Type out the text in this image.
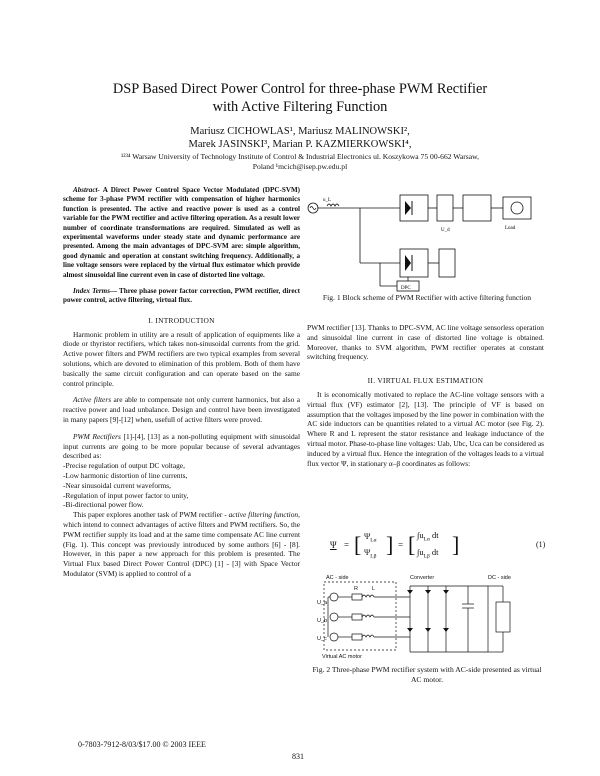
DSP Based Direct Power Control for three-phase PWM Rectifier
with Active Filtering Function
Mariusz CICHOWLAS¹, Mariusz MALINOWSKI²,
Marek JASINSKI³, Marian P. KAZMIERKOWSKI⁴,
¹²³⁴ Warsaw University of Technology Institute of Control & Industrial Electronics ul. Koszykowa 75 00-662 Warsaw,
Poland ¹mcich@isep.pw.edu.pl

Abstract- A Direct Power Control Space Vector Modulated (DPC-SVM) scheme for 3-phase PWM rectifier with compensation of higher harmonics function is presented. The active and reactive power is used as a control variable for the PWM rectifier and active filtering operation. As a result lower number of coordinate transformations are required. Simulated as well as experimental waveforms under steady state and dynamic performance are presented. Among the main advantages of DPC-SVM are: simple algorithm, good dynamic and operation at constant switching frequency. Additionally, a line voltage sensors were replaced by the virtual flux estimator which provide almost sinusoidal line current even in case of distorted line voltage.

Index Terms— Three phase power factor correction, PWM rectifier, direct power control, active filtering, virtual flux.

I. INTRODUCTION

Harmonic problem in utility are a result of application of equipments like a diode or thyristor rectifiers, which takes non-sinusoidal currents from the grid. Active power filters and PWM rectifiers are two typical examples from several solutions, which are devoted to elimination of this problem. Both of them have basically the same circuit configuration and can operate based on the same control principle.

Active filters are able to compensate not only current harmonics, but also a reactive power and load unbalance. Design and control have been investigated in many papers [9]-[12] when, usefull of active filters were proved.

PWM Rectifiers [1]-[4], [13] as a non-polluting equipment with sinusoidal input currents are going to be more popular because of several advantages described as:

-Precise regulation of output DC voltage,

-Low harmonic distortion of line currents,

-Near sinusoidal current waveforms,

-Regulation of input power factor to unity,

-Bi-directional power flow.

This paper explores another task of PWM rectifier - active filtering function, which intend to connect advantages of active filters and PWM rectifiers. So, the PWM rectifier supply its load and at the same time compensate AC line current (Fig. 1). This concept was previously introduced by some authors [6] - [8]. However, in this paper a new approach for this problem is presented. The Virtual Flux based Direct Power Control (DPC) [1] - [3] with Space Vector Modulator (SVM) is applied to control of a

U_d
DPC
Load
u_L
Fig. 1 Block scheme of PWM Rectifier with active filtering function

PWM rectifier [13]. Thanks to DPC-SVM, AC line voltage sensorless operation and sinusoidal line current in case of distorted line voltage is obtained. Moreover, thanks to SVM algorithm, PWM rectifier operates at constant switching frequency.

II. VIRTUAL FLUX ESTIMATION

It is economically motivated to replace the AC-line voltage sensors with a virtual flux (VF) estimator [2], [13]. The principle of VF is based on assumption that the voltages imposed by the line power in combination with the AC side inductors can be quantities related to a virtual AC motor (see Fig. 2). Where R and L represent the stator resistance and leakage inductance of the virtual motor. Phase-to-phase line voltages: Uab, Ubc, Uca can be considered as induced by a virtual flux. Hence the integration of the voltages leads to a virtual flux vector Ψ, in stationary α–β coordinates as follows:

Ψ = [ $\Psi_{L\alpha}$
$\Psi_{L\beta}$ ] = [ $\int u_{L\alpha}$ dt
$\int u_{L\beta}$ dt ]	(1)
AC - side	Converter	DC - side
Virtual AC motor
R	L
U_a
U_b
U_c
Fig. 2 Three-phase PWM rectifier system with AC-side presented as virtual AC motor.
0-7803-7912-8/03/$17.00 © 2003 IEEE
831
